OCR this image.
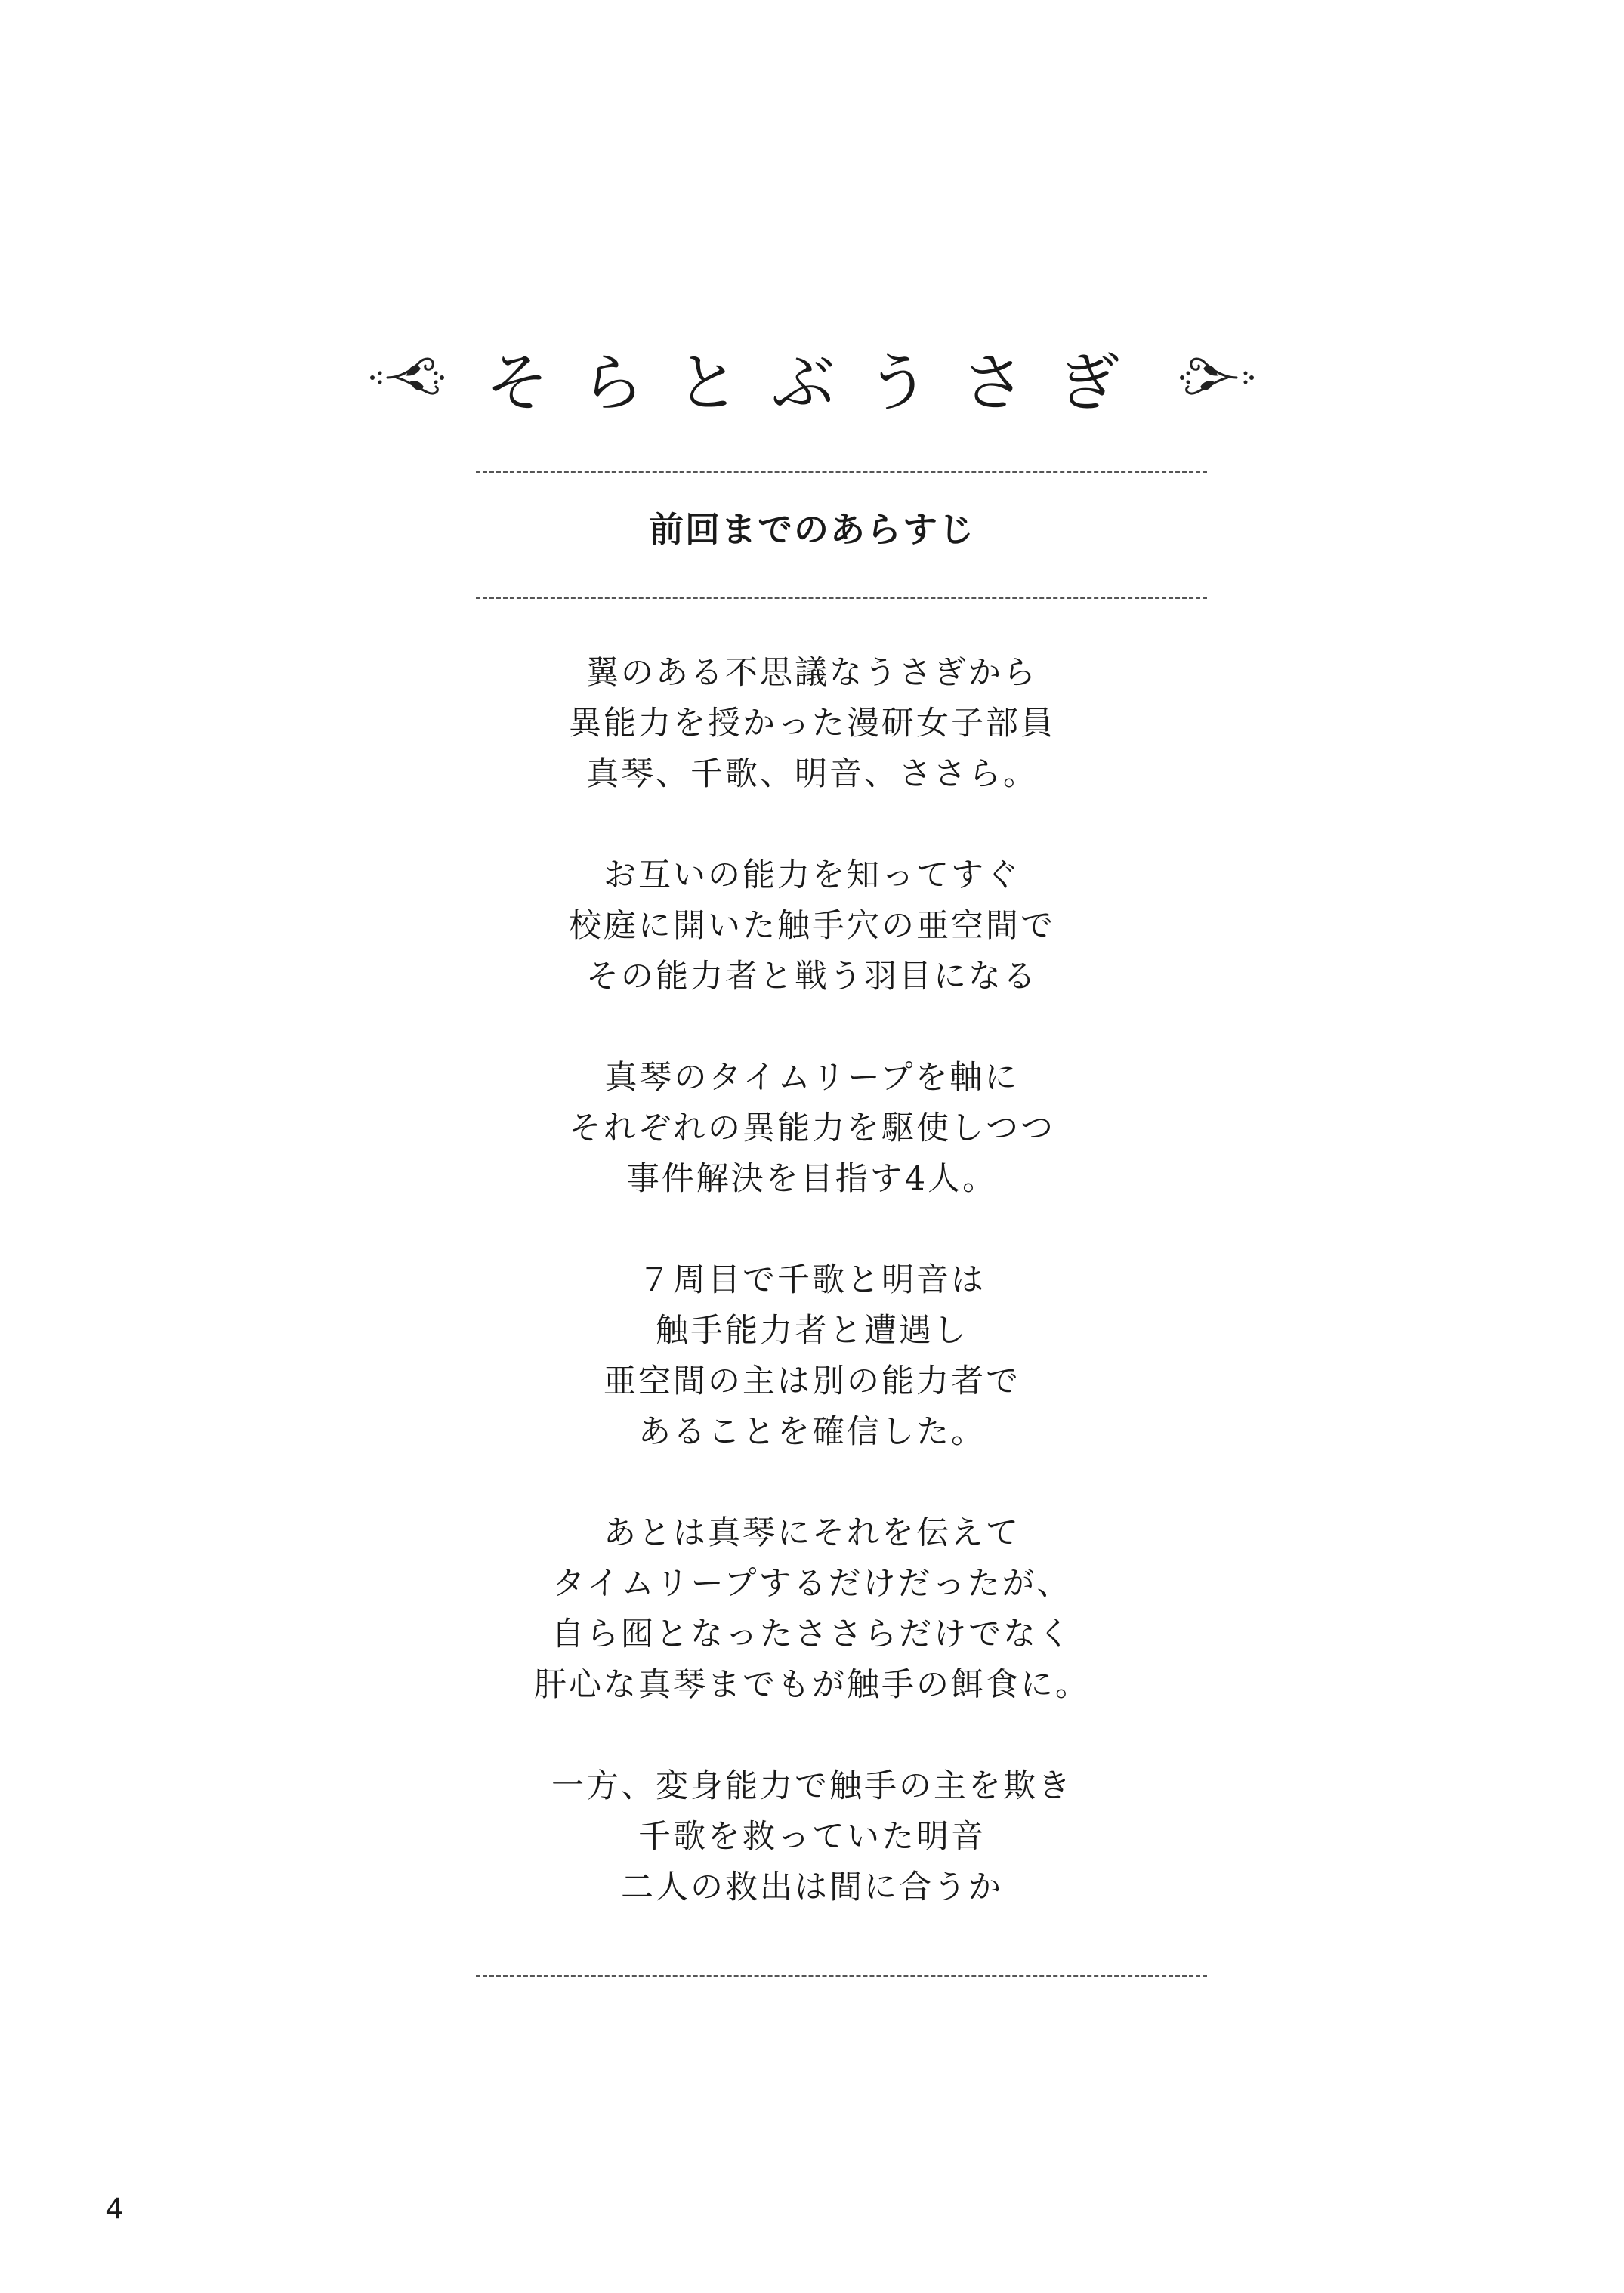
そらとぶうさぎ
前回までのあらすじ
翼のある不思議なうさぎから
異能力を授かった漫研女子部員
真琴、千歌、明音、ささら。
お互いの能力を知ってすぐ
校庭に開いた触手穴の亜空間で
その能力者と戦う羽目になる
真琴のタイムリープを軸に
それぞれの異能力を駆使しつつ
事件解決を目指す4人。
７周目で千歌と明音は
触手能力者と遭遇し
亜空間の主は別の能力者で
あることを確信した。
あとは真琴にそれを伝えて
タイムリープするだけだったが、
自ら囮となったささらだけでなく
肝心な真琴までもが触手の餌食に。
一方、変身能力で触手の主を欺き
千歌を救っていた明音
二人の救出は間に合うか
4
